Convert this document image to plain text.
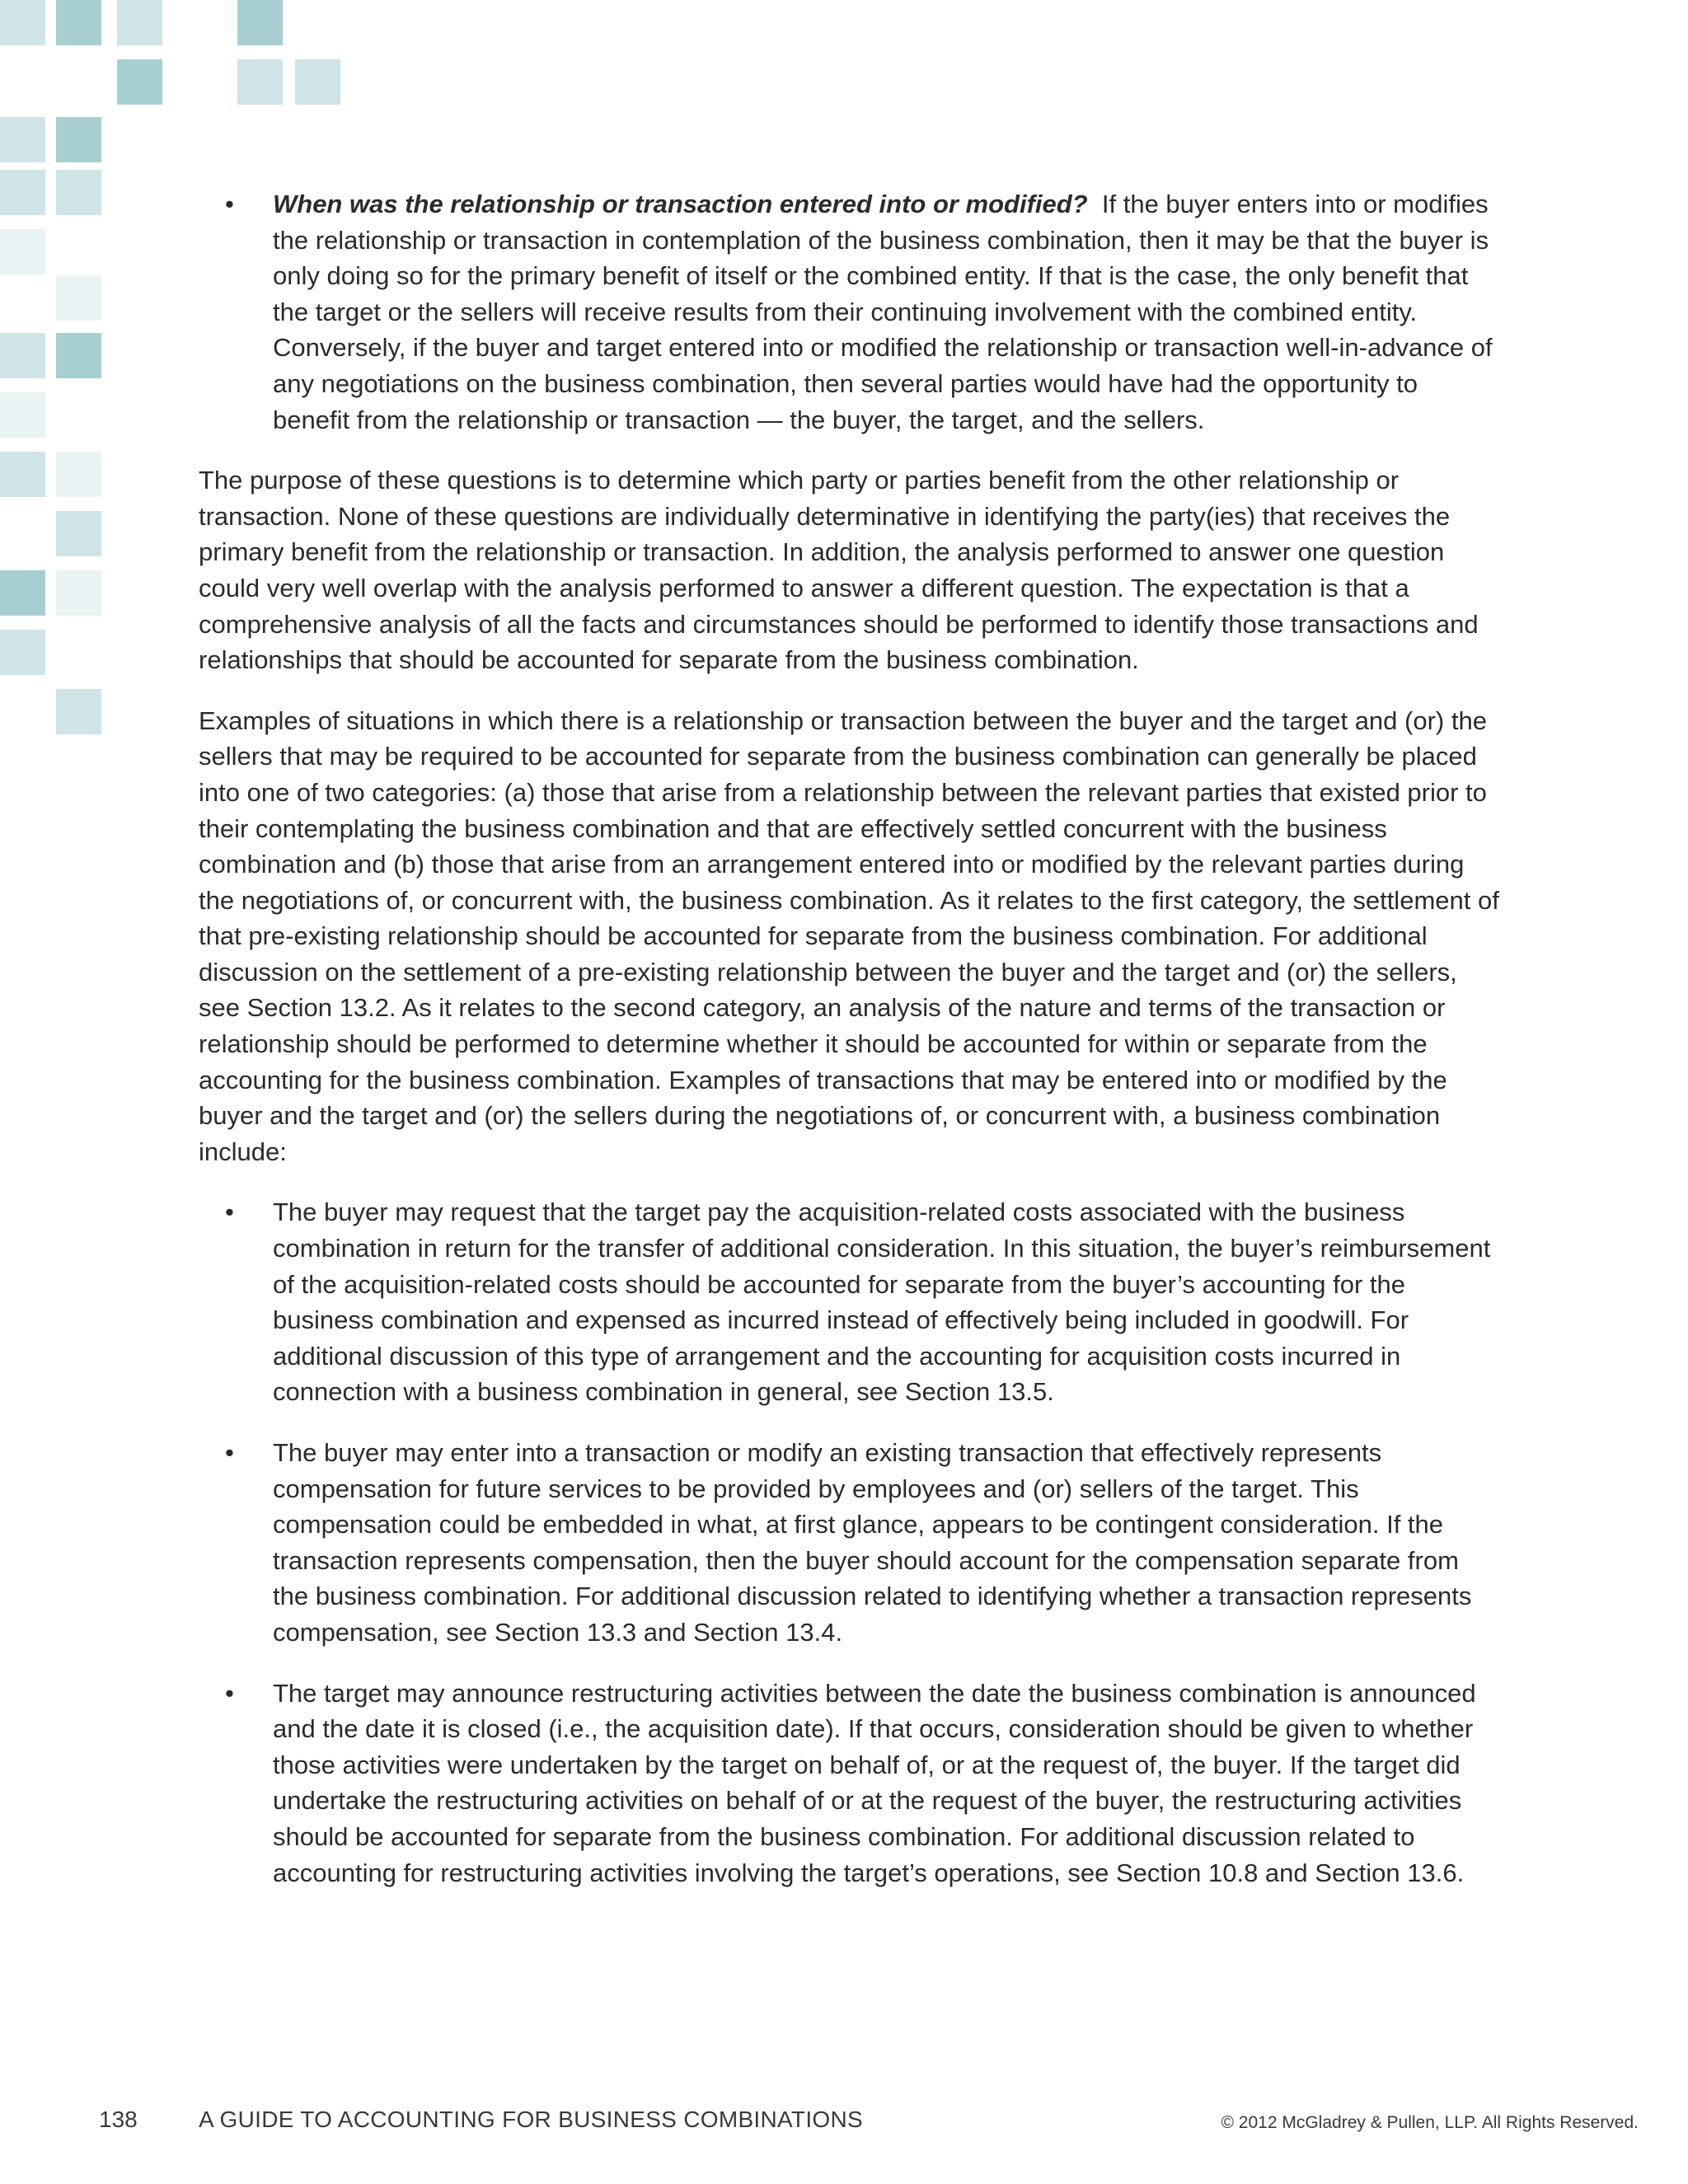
• When was the relationship or transaction entered into or modified? If the buyer enters into or modifies the relationship or transaction in contemplation of the business combination, then it may be that the buyer is only doing so for the primary benefit of itself or the combined entity. If that is the case, the only benefit that the target or the sellers will receive results from their continuing involvement with the combined entity. Conversely, if the buyer and target entered into or modified the relationship or transaction well-in-advance of any negotiations on the business combination, then several parties would have had the opportunity to benefit from the relationship or transaction — the buyer, the target, and the sellers.

The purpose of these questions is to determine which party or parties benefit from the other relationship or transaction. None of these questions are individually determinative in identifying the party(ies) that receives the primary benefit from the relationship or transaction. In addition, the analysis performed to answer one question could very well overlap with the analysis performed to answer a different question. The expectation is that a comprehensive analysis of all the facts and circumstances should be performed to identify those transactions and relationships that should be accounted for separate from the business combination.

Examples of situations in which there is a relationship or transaction between the buyer and the target and (or) the sellers that may be required to be accounted for separate from the business combination can generally be placed into one of two categories: (a) those that arise from a relationship between the relevant parties that existed prior to their contemplating the business combination and that are effectively settled concurrent with the business combination and (b) those that arise from an arrangement entered into or modified by the relevant parties during the negotiations of, or concurrent with, the business combination. As it relates to the first category, the settlement of that pre-existing relationship should be accounted for separate from the business combination. For additional discussion on the settlement of a pre-existing relationship between the buyer and the target and (or) the sellers, see Section 13.2. As it relates to the second category, an analysis of the nature and terms of the transaction or relationship should be performed to determine whether it should be accounted for within or separate from the accounting for the business combination. Examples of transactions that may be entered into or modified by the buyer and the target and (or) the sellers during the negotiations of, or concurrent with, a business combination include:

• The buyer may request that the target pay the acquisition-related costs associated with the business combination in return for the transfer of additional consideration. In this situation, the buyer’s reimbursement of the acquisition-related costs should be accounted for separate from the buyer’s accounting for the business combination and expensed as incurred instead of effectively being included in goodwill. For additional discussion of this type of arrangement and the accounting for acquisition costs incurred in connection with a business combination in general, see Section 13.5.
• The buyer may enter into a transaction or modify an existing transaction that effectively represents compensation for future services to be provided by employees and (or) sellers of the target. This compensation could be embedded in what, at first glance, appears to be contingent consideration. If the transaction represents compensation, then the buyer should account for the compensation separate from the business combination. For additional discussion related to identifying whether a transaction represents compensation, see Section 13.3 and Section 13.4.
• The target may announce restructuring activities between the date the business combination is announced and the date it is closed (i.e., the acquisition date). If that occurs, consideration should be given to whether those activities were undertaken by the target on behalf of, or at the request of, the buyer. If the target did undertake the restructuring activities on behalf of or at the request of the buyer, the restructuring activities should be accounted for separate from the business combination. For additional discussion related to accounting for restructuring activities involving the target’s operations, see Section 10.8 and Section 13.6.
138	A GUIDE TO ACCOUNTING FOR BUSINESS COMBINATIONS	© 2012 McGladrey & Pullen, LLP. All Rights Reserved.
